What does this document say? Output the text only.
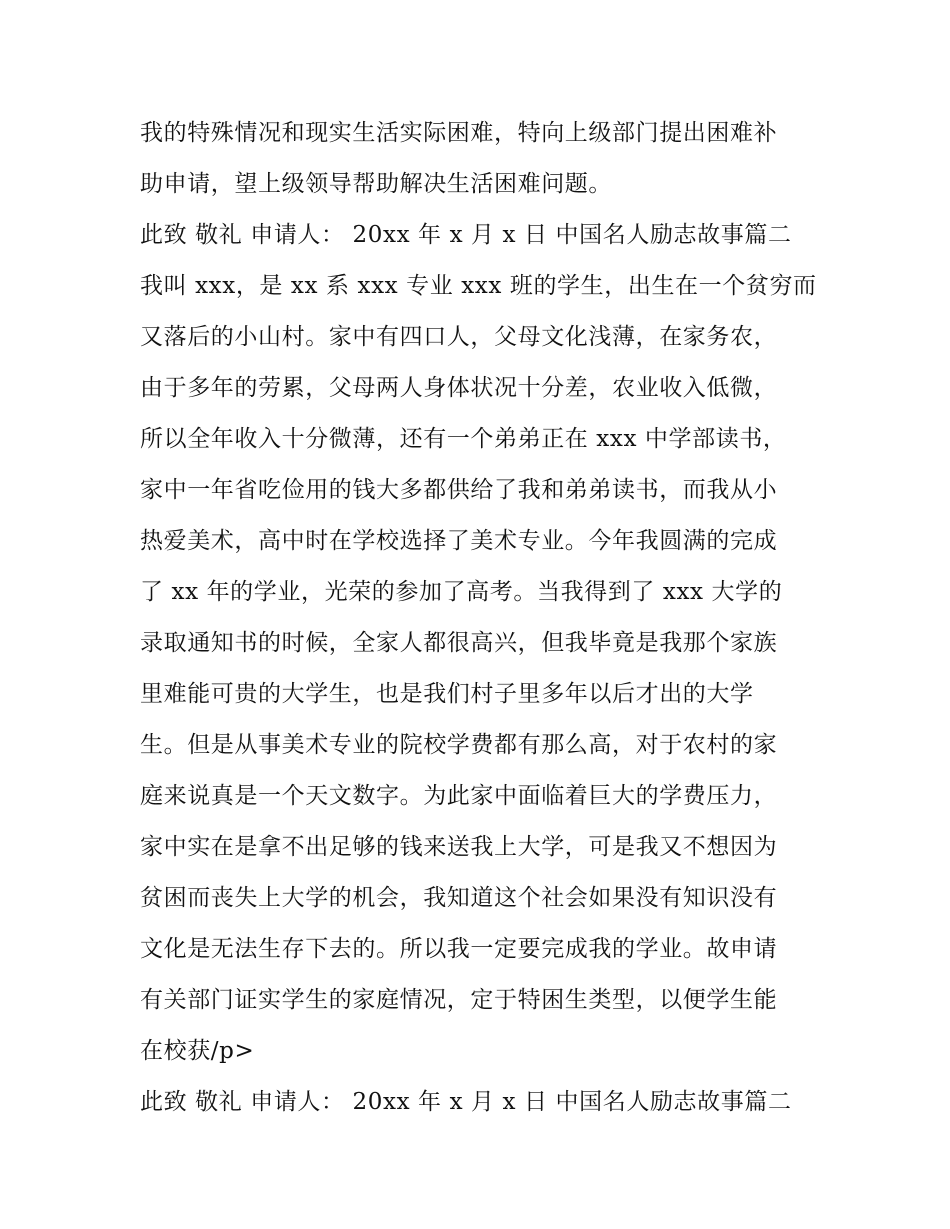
我的特殊情况和现实生活实际困难，特向上级部门提出困难补
助申请，望上级领导帮助解决生活困难问题。
此致 敬礼 申请人： 20xx 年 x 月 x 日 中国名人励志故事篇二
我叫 xxx，是 xx 系 xxx 专业 xxx 班的学生，出生在一个贫穷而
又落后的小山村。家中有四口人，父母文化浅薄，在家务农，
由于多年的劳累，父母两人身体状况十分差，农业收入低微，
所以全年收入十分微薄，还有一个弟弟正在 xxx 中学部读书，
家中一年省吃俭用的钱大多都供给了我和弟弟读书，而我从小
热爱美术，高中时在学校选择了美术专业。今年我圆满的完成
了 xx 年的学业，光荣的参加了高考。当我得到了 xxx 大学的
录取通知书的时候，全家人都很高兴，但我毕竟是我那个家族
里难能可贵的大学生，也是我们村子里多年以后才出的大学
生。但是从事美术专业的院校学费都有那么高，对于农村的家
庭来说真是一个天文数字。为此家中面临着巨大的学费压力，
家中实在是拿不出足够的钱来送我上大学，可是我又不想因为
贫困而丧失上大学的机会，我知道这个社会如果没有知识没有
文化是无法生存下去的。所以我一定要完成我的学业。故申请
有关部门证实学生的家庭情况，定于特困生类型，以便学生能
在校获/p>
此致 敬礼 申请人： 20xx 年 x 月 x 日 中国名人励志故事篇二
